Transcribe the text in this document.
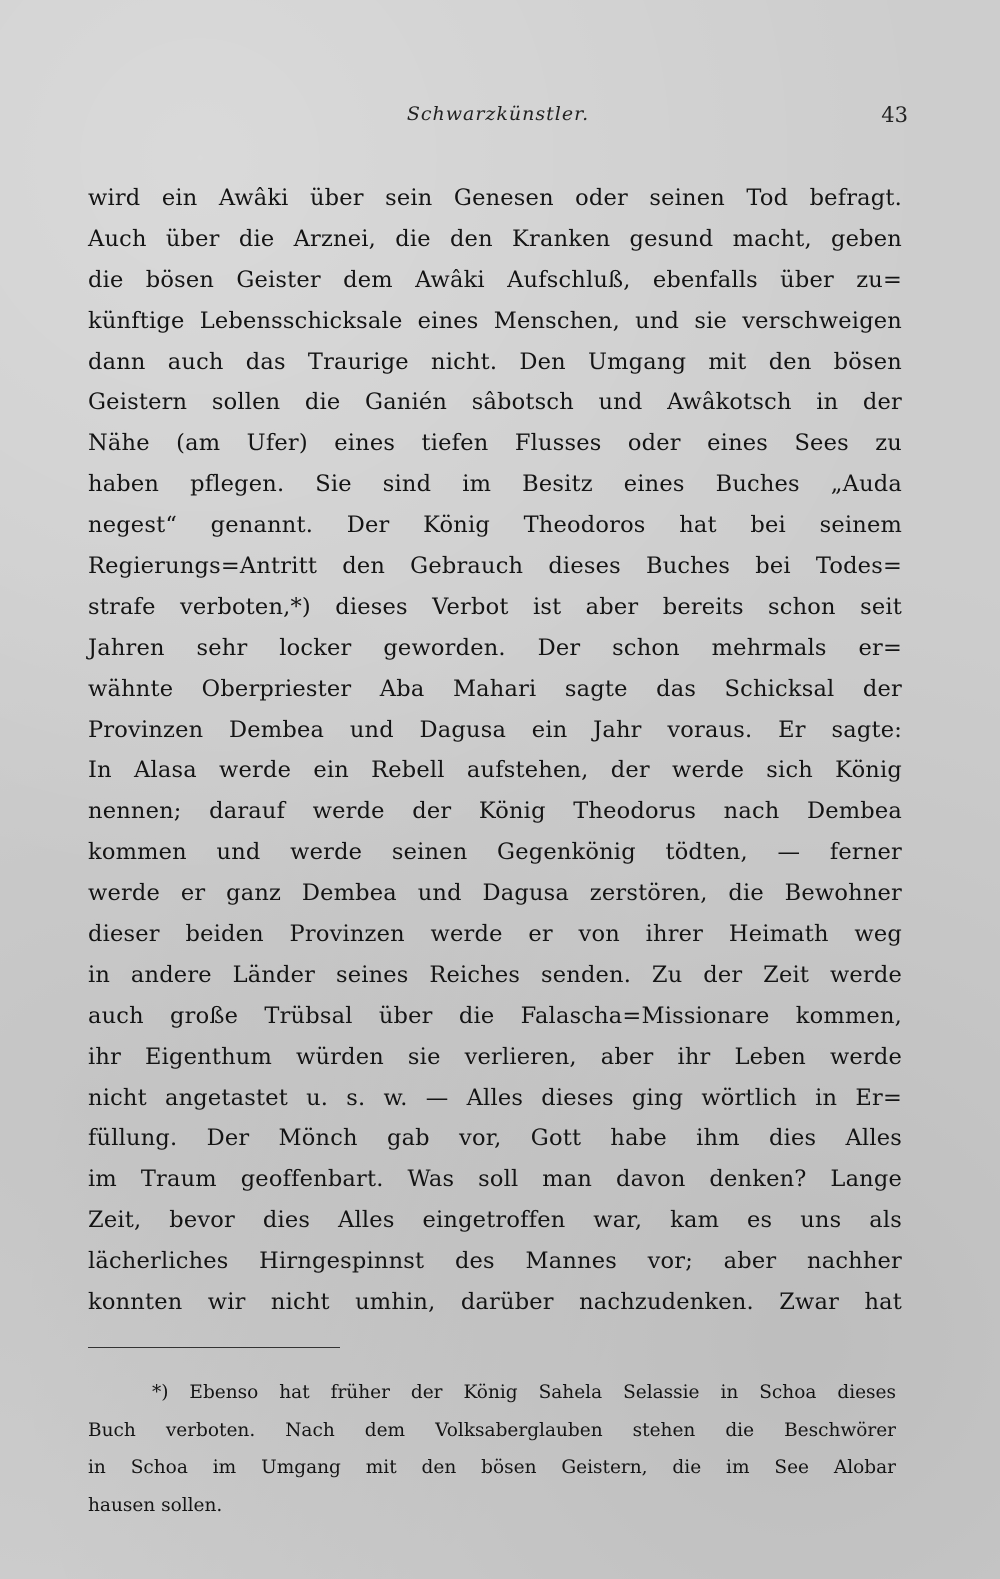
Schwarzkünstler.	43
wird ein Awâki über sein Genesen oder seinen Tod befragt.
Auch über die Arznei, die den Kranken gesund macht, geben
die bösen Geister dem Awâki Aufschluß, ebenfalls über zu=
künftige Lebensschicksale eines Menschen, und sie verschweigen
dann auch das Traurige nicht. Den Umgang mit den bösen
Geistern sollen die Ganién sâbotsch und Awâkotsch in der
Nähe (am Ufer) eines tiefen Flusses oder eines Sees zu
haben pflegen. Sie sind im Besitz eines Buches „Auda
negest“ genannt. Der König Theodoros hat bei seinem
Regierungs=Antritt den Gebrauch dieses Buches bei Todes=
strafe verboten,*) dieses Verbot ist aber bereits schon seit
Jahren sehr locker geworden. Der schon mehrmals er=
wähnte Oberpriester Aba Mahari sagte das Schicksal der
Provinzen Dembea und Dagusa ein Jahr voraus. Er sagte:
In Alasa werde ein Rebell aufstehen, der werde sich König
nennen; darauf werde der König Theodorus nach Dembea
kommen und werde seinen Gegenkönig tödten, — ferner
werde er ganz Dembea und Dagusa zerstören, die Bewohner
dieser beiden Provinzen werde er von ihrer Heimath weg
in andere Länder seines Reiches senden. Zu der Zeit werde
auch große Trübsal über die Falascha=Missionare kommen,
ihr Eigenthum würden sie verlieren, aber ihr Leben werde
nicht angetastet u. s. w. — Alles dieses ging wörtlich in Er=
füllung. Der Mönch gab vor, Gott habe ihm dies Alles
im Traum geoffenbart. Was soll man davon denken? Lange
Zeit, bevor dies Alles eingetroffen war, kam es uns als
lächerliches Hirngespinnst des Mannes vor; aber nachher
konnten wir nicht umhin, darüber nachzudenken. Zwar hat
*) Ebenso hat früher der König Sahela Selassie in Schoa dieses
Buch verboten. Nach dem Volksaberglauben stehen die Beschwörer
in Schoa im Umgang mit den bösen Geistern, die im See Alobar
hausen sollen.
